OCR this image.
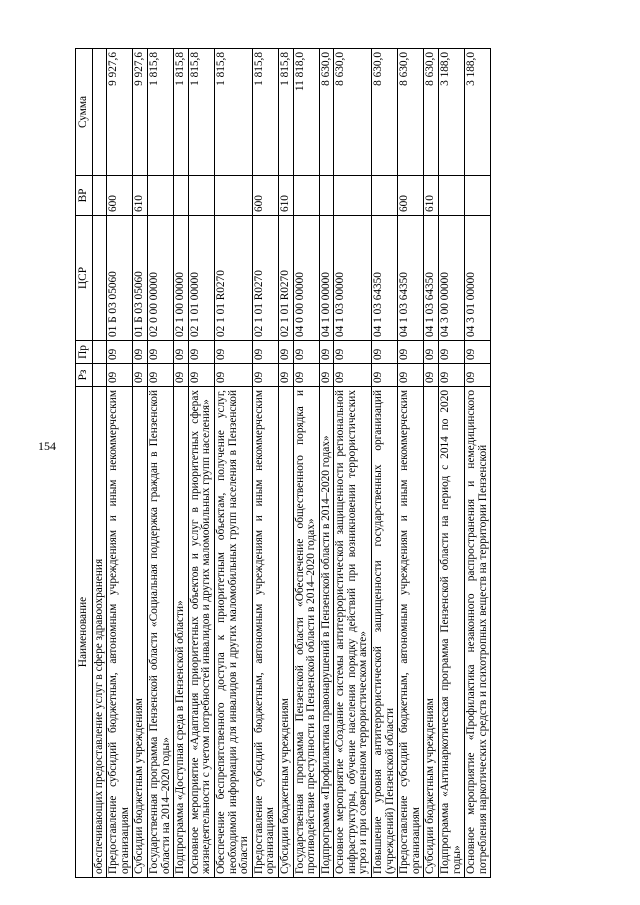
154
Наименование	Рз	Пр	ЦСР	ВР	Сумма
обеспечивающих предоставление услуг в сфере здравоохранения					
Предоставление субсидий бюджетным, автономным учреждениям и иным некоммерческим организациям	09	09	01 Б 03 05060	600	9 927,6
Субсидии бюджетным учреждениям	09	09	01 Б 03 05060	610	9 927,6
Государственная программа Пензенской области «Социальная поддержка граждан в Пензенской области на 2014–2020 годы»	09	09	02 0 00 00000		1 815,8
Подпрограмма «Доступная среда в Пензенской области»	09	09	02 1 00 00000		1 815,8
Основное мероприятие «Адаптация приоритетных объектов и услуг в приоритетных сферах жизнедеятельности с учетом потребностей инвалидов и других маломобильных групп населения»	09	09	02 1 01 00000		1 815,8
Обеспечение беспрепятственного доступа к приоритетным объектам, получение услуг, необходимой информации для инвалидов и других маломобильных групп населения в Пензенской области	09	09	02 1 01 R0270		1 815,8
Предоставление субсидий бюджетным, автономным учреждениям и иным некоммерческим организациям	09	09	02 1 01 R0270	600	1 815,8
Субсидии бюджетным учреждениям	09	09	02 1 01 R0270	610	1 815,8
Государственная программа Пензенской области «Обеспечение общественного порядка и противодействие преступности в Пензенской области в 2014–2020 годах»	09	09	04 0 00 00000		11 818,0
Подпрограмма «Профилактика правонарушений в Пензенской области в 2014–2020 годах»	09	09	04 1 00 00000		8 630,0
Основное мероприятие «Создание системы антитеррористической защищенности региональной инфраструктуры, обучение населения порядку действий при возникновении террористических угроз и при совершенном террористическом акте»	09	09	04 1 03 00000		8 630,0
Повышение уровня антитеррористической защищенности государственных организаций (учреждений) Пензенской области	09	09	04 1 03 64350		8 630,0
Предоставление субсидий бюджетным, автономным учреждениям и иным некоммерческим организациям	09	09	04 1 03 64350	600	8 630,0
Субсидии бюджетным учреждениям	09	09	04 1 03 64350	610	8 630,0
Подпрограмма «Антинаркотическая программа Пензенской области на период с 2014 по 2020 годы»	09	09	04 3 00 00000		3 188,0
Основное мероприятие «Профилактика незаконного распространения и немедицинского потребления наркотических средств и психотропных веществ на территории Пензенской	09	09	04 3 01 00000		3 188,0
